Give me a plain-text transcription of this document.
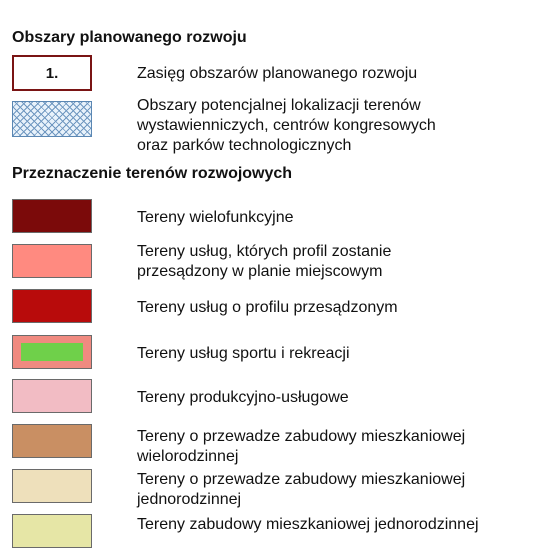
Obszary planowanego rozwoju
1.	Zasięg obszarów planowanego rozwoju
Obszary potencjalnej lokalizacji terenów
wystawienniczych, centrów kongresowych
oraz parków technologicznych
Przeznaczenie terenów rozwojowych
Tereny wielofunkcyjne
Tereny usług, których profil zostanie
przesądzony w planie miejscowym
Tereny usług o profilu przesądzonym
Tereny usług sportu i rekreacji
Tereny produkcyjno-usługowe
Tereny o przewadze zabudowy mieszkaniowej
wielorodzinnej
Tereny o przewadze zabudowy mieszkaniowej
jednorodzinnej
Tereny zabudowy mieszkaniowej jednorodzinnej
